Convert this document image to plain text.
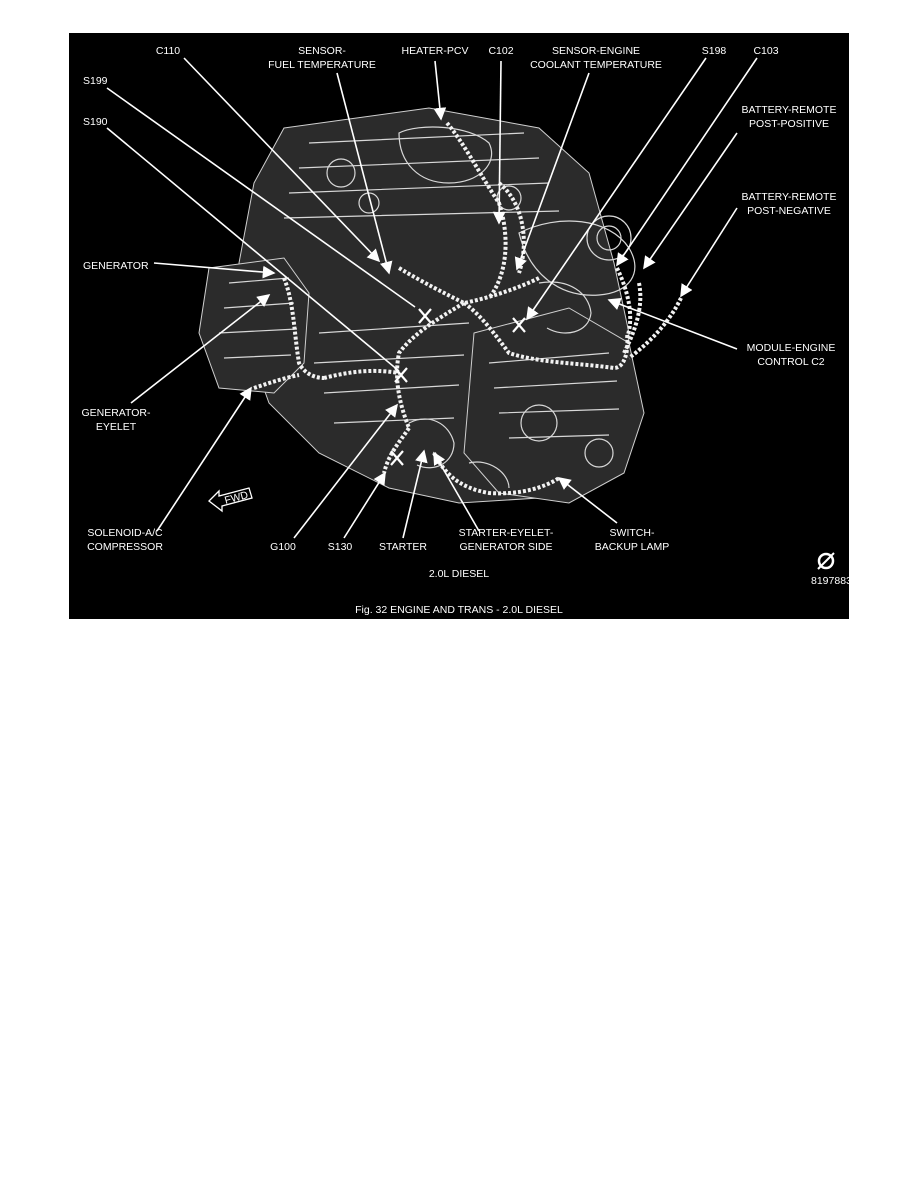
FWD
8197883b
C110	SENSOR-
FUEL TEMPERATURE
HEATER-PCV C102	SENSOR-ENGINE
COOLANT TEMPERATURE
S198	C103
BATTERY-REMOTE
POST-POSITIVE
BATTERY-REMOTE
POST-NEGATIVE
MODULE-ENGINE
CONTROL C2
GENERATOR-
EYELET
SOLENOID-A/C
COMPRESSOR	G100	S130	STARTER
STARTER-EYELET-
GENERATOR SIDE
SWITCH-
BACKUP LAMP
2.0L DIESEL
Fig. 32 ENGINE AND TRANS - 2.0L DIESEL
S199
S190
GENERATOR
